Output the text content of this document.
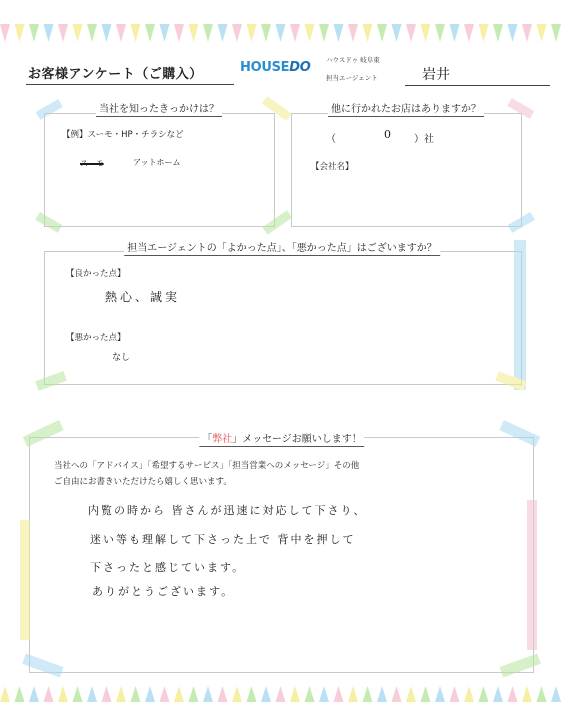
お客様アンケート（ご購入）	HOUSEDO ハウスドゥ 岐阜東
担当エージェント	岩井
当社を知ったきっかけは？
【例】スーモ・HP・チラシなど
スーモ	アットホーム
他に行かれたお店はありますか？
（	0 ）社
【会社名】
担当エージェントの「よかった点」、「悪かった点」はございますか？
【良かった点】
熱心、誠実
【悪かった点】
なし
「弊社」メッセージお願いします！
当社への「アドバイス」「希望するサービス」「担当営業へのメッセージ」その他
ご自由にお書きいただけたら嬉しく思います。
内覧の時から 皆さんが迅速に対応して下さり、
迷い等も理解して下さった上で 背中を押して
下さったと感じています。
ありがとうございます。
